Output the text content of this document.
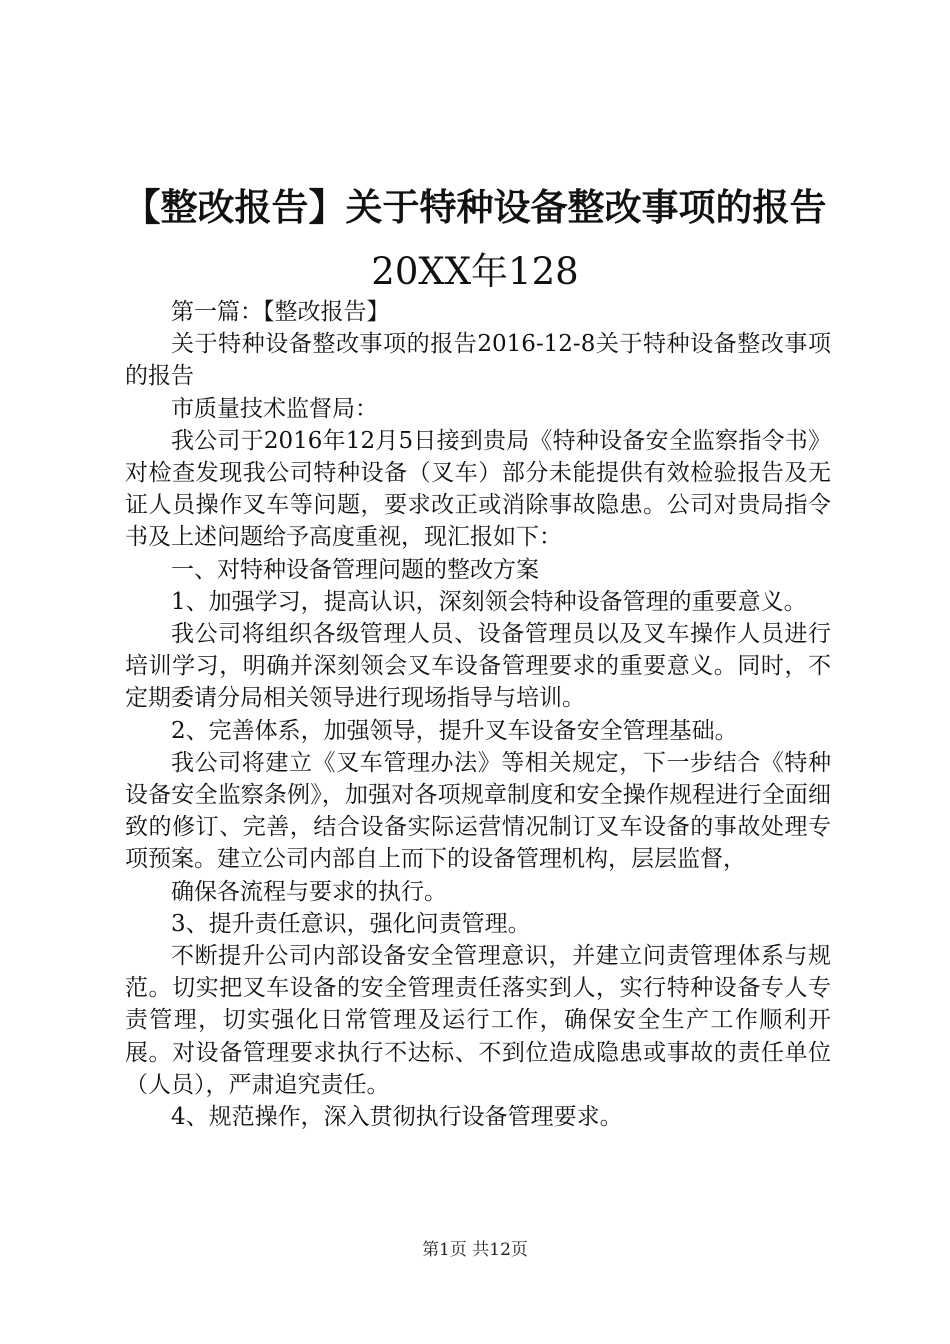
【整改报告】关于特种设备整改事项的报告
20XX年128

第一篇：【整改报告】

关于特种设备整改事项的报告2016-12-8关于特种设备整改事项的报告

市质量技术监督局：

我公司于2016年12月5日接到贵局《特种设备安全监察指令书》对检查发现我公司特种设备（叉车）部分未能提供有效检验报告及无证人员操作叉车等问题，要求改正或消除事故隐患。公司对贵局指令书及上述问题给予高度重视，现汇报如下：

一、对特种设备管理问题的整改方案

1、加强学习，提高认识，深刻领会特种设备管理的重要意义。

我公司将组织各级管理人员、设备管理员以及叉车操作人员进行培训学习，明确并深刻领会叉车设备管理要求的重要意义。同时，不定期委请分局相关领导进行现场指导与培训。

2、完善体系，加强领导，提升叉车设备安全管理基础。

我公司将建立《叉车管理办法》等相关规定，下一步结合《特种设备安全监察条例》，加强对各项规章制度和安全操作规程进行全面细致的修订、完善，结合设备实际运营情况制订叉车设备的事故处理专项预案。建立公司内部自上而下的设备管理机构，层层监督，

确保各流程与要求的执行。

3、提升责任意识，强化问责管理。

不断提升公司内部设备安全管理意识，并建立问责管理体系与规范。切实把叉车设备的安全管理责任落实到人，实行特种设备专人专责管理，切实强化日常管理及运行工作，确保安全生产工作顺利开展。对设备管理要求执行不达标、不到位造成隐患或事故的责任单位（人员），严肃追究责任。

4、规范操作，深入贯彻执行设备管理要求。

第1页 共12页
